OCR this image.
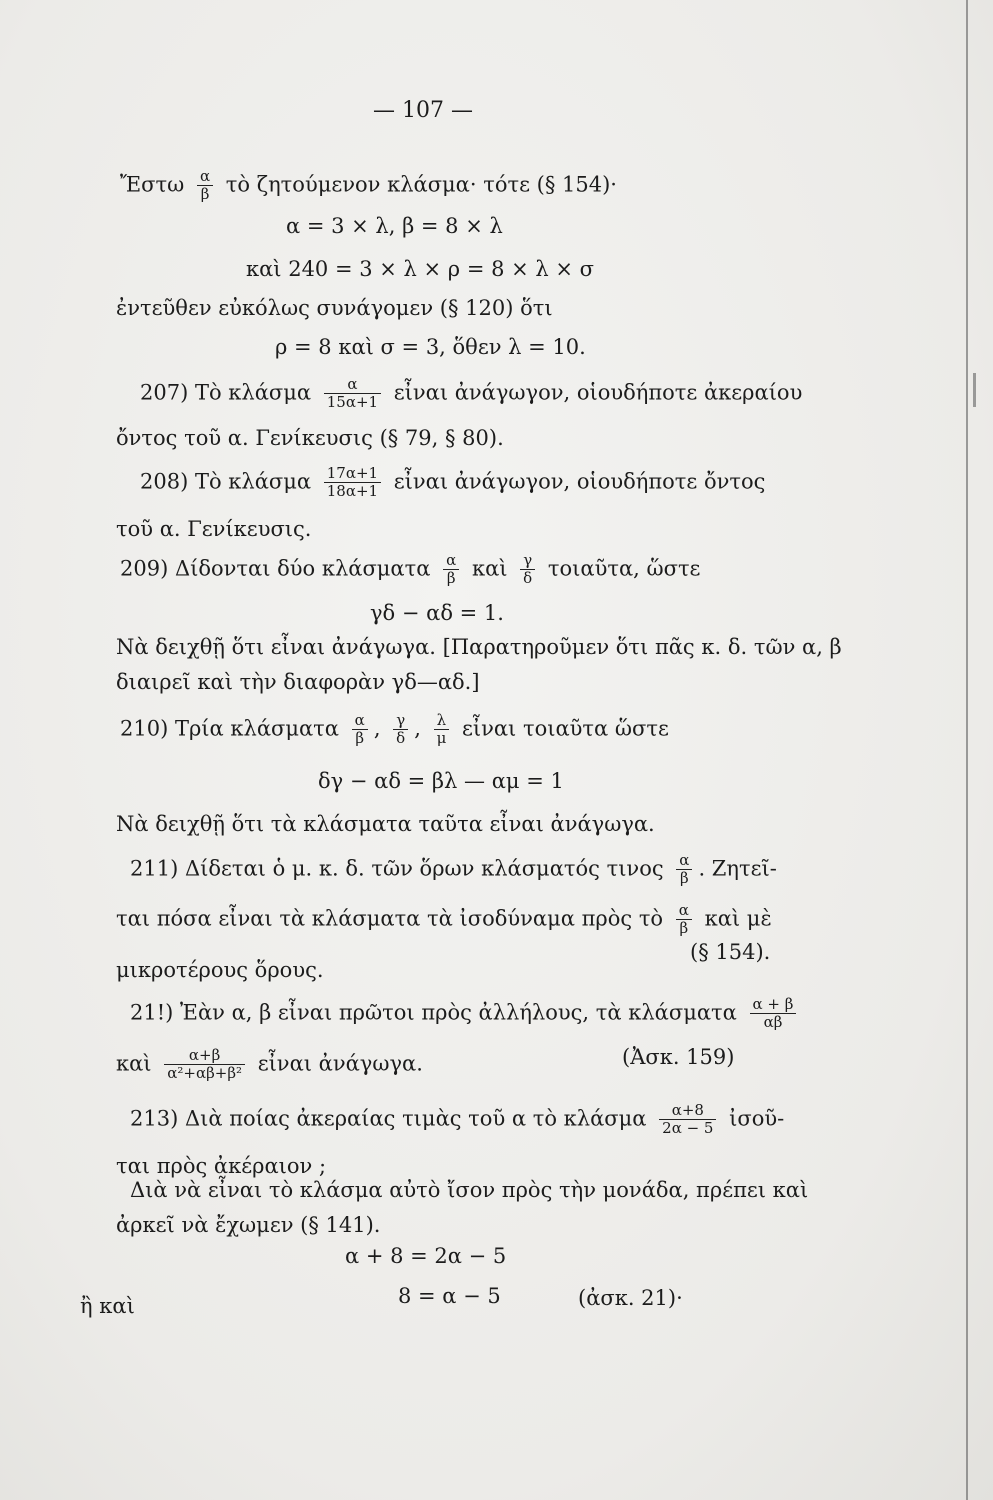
— 107 —
Ἔστω $\frac{\alpha}{\beta}$ τὸ ζητούμενον κλάσμα· τότε (§ 154)·
α = 3 × λ, β = 8 × λ
καὶ 240 = 3 × λ × ρ = 8 × λ × σ
ἐντεῦθεν εὐκόλως συνάγομεν (§ 120) ὅτι
ρ = 8 καὶ σ = 3, ὅθεν λ = 10.
207) Τὸ κλάσμα $\frac{\alpha}{15\alpha+1}$ εἶναι ἀνάγωγον, οἱουδήποτε ἀκεραίου
ὄντος τοῦ α. Γενίκευσις (§ 79, § 80).
208) Τὸ κλάσμα $\frac{17\alpha+1}{18\alpha+1}$ εἶναι ἀνάγωγον, οἱουδήποτε ὄντος
τοῦ α. Γενίκευσις.
209) Δίδονται δύο κλάσματα $\frac{\alpha}{\beta}$ καὶ $\frac{\gamma}{\delta}$ τοιαῦτα, ὥστε
γδ − αδ = 1.
Νὰ δειχθῇ ὅτι εἶναι ἀνάγωγα. [Παρατηροῦμεν ὅτι πᾶς κ. δ. τῶν α, β
διαιρεῖ καὶ τὴν διαφορὰν γδ—αδ.]
210) Τρία κλάσματα $\frac{\alpha}{\beta}$ , $\frac{\gamma}{\delta}$ , $\frac{\lambda}{\mu}$ εἶναι τοιαῦτα ὥστε
δγ − αδ = βλ — αμ = 1
Νὰ δειχθῇ ὅτι τὰ κλάσματα ταῦτα εἶναι ἀνάγωγα.
211) Δίδεται ὁ μ. κ. δ. τῶν ὅρων κλάσματός τινος $\frac{\alpha}{\beta}$ . Ζητεῖ-
ται πόσα εἶναι τὰ κλάσματα τὰ ἰσοδύναμα πρὸς τὸ $\frac{\alpha}{\beta}$ καὶ μὲ
(§ 154).
μικροτέρους ὅρους.
21!) Ἐὰν α, β εἶναι πρῶτοι πρὸς ἀλλήλους, τὰ κλάσματα $\frac{\alpha + \beta}{\alpha\beta}$
καὶ $\frac{\alpha+\beta}{\text{α²+αβ+β²}}$ εἶναι ἀνάγωγα.	(Ἀσκ. 159)
213) Διὰ ποίας ἀκεραίας τιμὰς τοῦ α τὸ κλάσμα $\frac{\alpha+8}{2\alpha - 5}$ ἰσοῦ-
ται πρὸς ἀκέραιον ;
Διὰ νὰ εἶναι τὸ κλάσμα αὐτὸ ἴσον πρὸς τὴν μονάδα, πρέπει καὶ
ἀρκεῖ νὰ ἔχωμεν (§ 141).
α + 8 = 2α − 5
ἢ καὶ	8 = α − 5	(ἀσκ. 21)·
